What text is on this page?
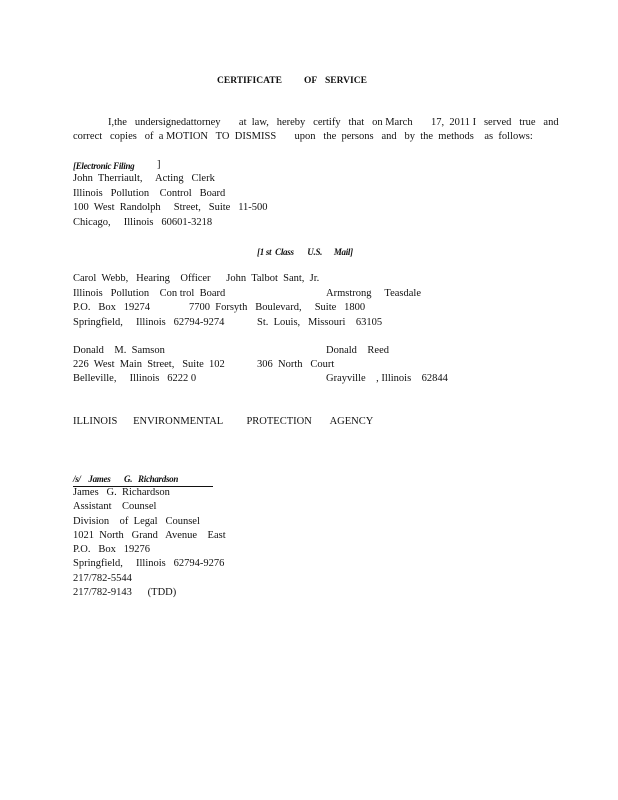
CERTIFICATE OF SERVICE
I,the   undersignedattorney       at  law,   hereby   certify   that   on March       17,  2011 I   served   true   and
correct   copies   of  a MOTION   TO  DISMISS       upon   the  persons   and   by  the  methods    as  follows:
[Electronic Filing ]
John  Therriault,     Acting   Clerk
Illinois   Pollution    Control   Board
100  West  Randolph     Street,   Suite   11-500
Chicago,     Illinois   60601-3218
[1 st  Class       U.S.      Mail]
Carol  Webb,   Hearing    Officer      John  Talbot  Sant,  Jr.
Illinois   Pollution    Con trol  Board	Armstrong     Teasdale
P.O.   Box   19274	7700  Forsyth   Boulevard,     Suite   1800
Springfield,     Illinois   62794-9274	St.  Louis,   Missouri    63105
Donald    M.  Samson	Donald    Reed
226  West  Main  Street,   Suite  102	306  North   Court
Belleville,     Illinois   6222 0	Grayville    , Illinois    62844
ILLINOIS      ENVIRONMENTAL         PROTECTION       AGENCY
/s/    James       G.   Richardson
James   G.  Richardson
Assistant    Counsel
Division    of  Legal   Counsel
1021  North   Grand   Avenue    East
P.O.   Box   19276
Springfield,     Illinois   62794-9276
217/782-5544
217/782-9143      (TDD)
